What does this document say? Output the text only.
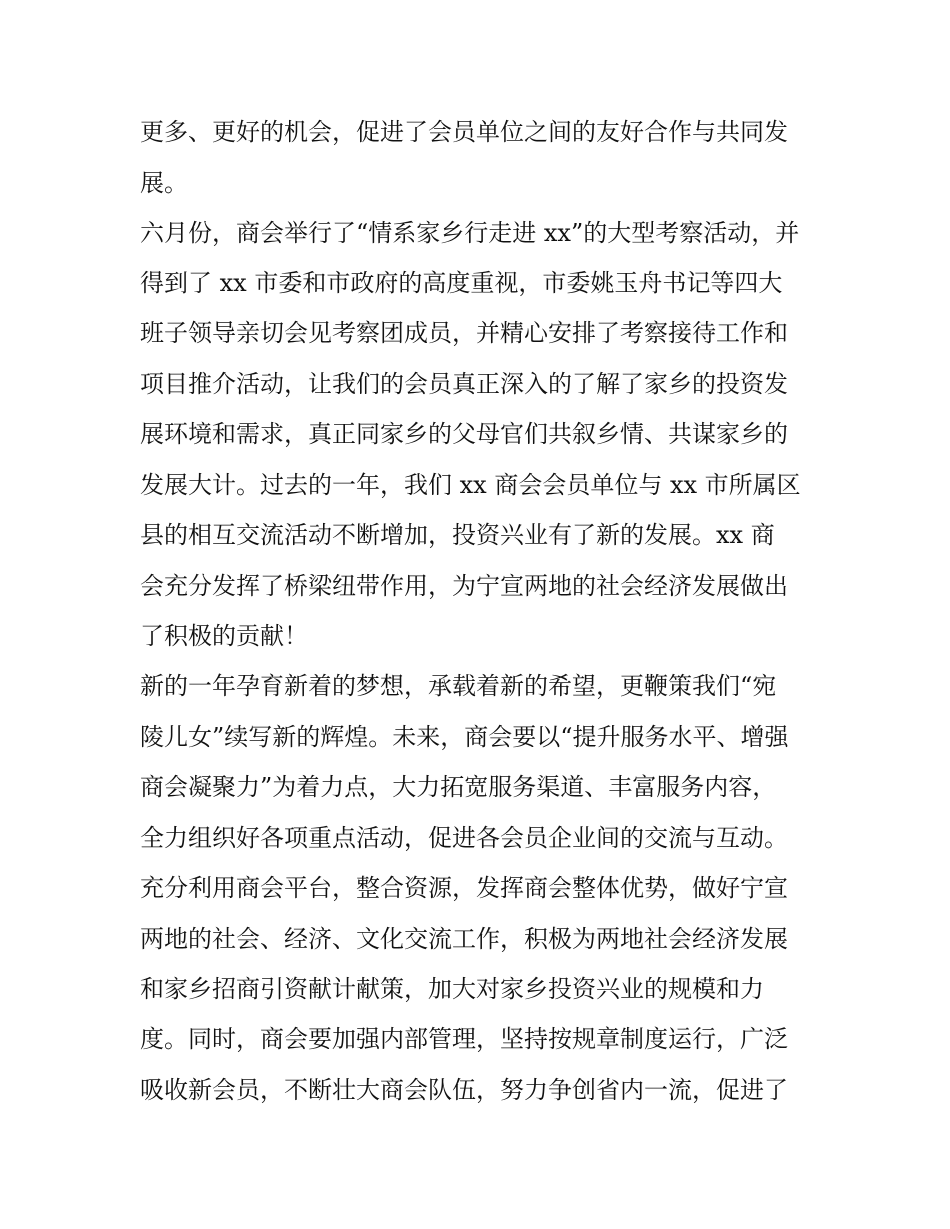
更多、更好的机会，促进了会员单位之间的友好合作与共同发

展。

六月份，商会举行了“情系家乡行走进 xx”的大型考察活动，并

得到了 xx 市委和市政府的高度重视，市委姚玉舟书记等四大

班子领导亲切会见考察团成员，并精心安排了考察接待工作和

项目推介活动，让我们的会员真正深入的了解了家乡的投资发

展环境和需求，真正同家乡的父母官们共叙乡情、共谋家乡的

发展大计。过去的一年，我们 xx 商会会员单位与 xx 市所属区

县的相互交流活动不断增加，投资兴业有了新的发展。xx 商

会充分发挥了桥梁纽带作用，为宁宣两地的社会经济发展做出

了积极的贡献！

新的一年孕育新着的梦想，承载着新的希望，更鞭策我们“宛

陵儿女”续写新的辉煌。未来，商会要以“提升服务水平、增强

商会凝聚力”为着力点，大力拓宽服务渠道、丰富服务内容，

全力组织好各项重点活动，促进各会员企业间的交流与互动。

充分利用商会平台，整合资源，发挥商会整体优势，做好宁宣

两地的社会、经济、文化交流工作，积极为两地社会经济发展

和家乡招商引资献计献策，加大对家乡投资兴业的规模和力

度。同时，商会要加强内部管理，坚持按规章制度运行，广泛

吸收新会员，不断壮大商会队伍，努力争创省内一流，促进了
